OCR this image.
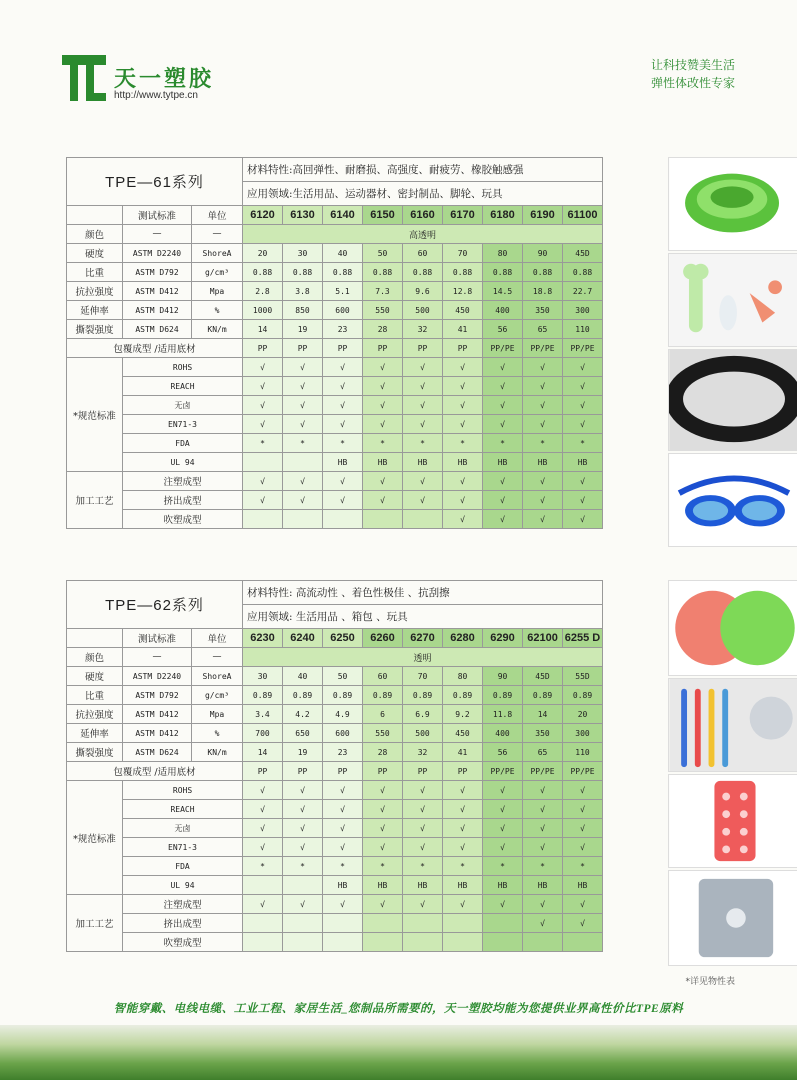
天一塑胶
http://www.tytpe.cn
让科技赞美生活
弹性体改性专家
TPE—61系列			材料特性:高回弹性、耐磨损、高强度、耐疲劳、橡胶触感强								
			应用领域:生活用品、运动器材、密封制品、脚轮、玩具								
	测试标准	单位	6120	6130	6140	6150	6160	6170	6180	6190	61100
颜色	—	—	高透明								
硬度	ASTM D2240	ShoreA	20	30	40	50	60	70	80	90	45D
比重	ASTM D792	g/cm³	0.88	0.88	0.88	0.88	0.88	0.88	0.88	0.88	0.88
抗拉强度	ASTM D412	Mpa	2.8	3.8	5.1	7.3	9.6	12.8	14.5	18.8	22.7
延伸率	ASTM D412	%	1000	850	600	550	500	450	400	350	300
撕裂强度	ASTM D624	KN/m	14	19	23	28	32	41	56	65	110
包覆成型 /适用底材			PP	PP	PP	PP	PP	PP	PP/PE	PP/PE	PP/PE
*规范标准	ROHS		√	√	√	√	√	√	√	√	√
	REACH		√	√	√	√	√	√	√	√	√
	无卤		√	√	√	√	√	√	√	√	√
	EN71-3		√	√	√	√	√	√	√	√	√
	FDA		*	*	*	*	*	*	*	*	*
	UL 94				HB	HB	HB	HB	HB	HB	HB
加工工艺	注塑成型		√	√	√	√	√	√	√	√	√
	挤出成型		√	√	√	√	√	√	√	√	√
	吹塑成型							√	√	√	√
TPE—62系列			材料特性: 高流动性 、着色性极佳 、抗刮擦								
			应用领域: 生活用品 、箱包 、玩具								
	测试标准	单位	6230	6240	6250	6260	6270	6280	6290	62100	6255 D
颜色	—	—	透明								
硬度	ASTM D2240	ShoreA	30	40	50	60	70	80	90	45D	55D
比重	ASTM D792	g/cm³	0.89	0.89	0.89	0.89	0.89	0.89	0.89	0.89	0.89
抗拉强度	ASTM D412	Mpa	3.4	4.2	4.9	6	6.9	9.2	11.8	14	20
延伸率	ASTM D412	%	700	650	600	550	500	450	400	350	300
撕裂强度	ASTM D624	KN/m	14	19	23	28	32	41	56	65	110
包覆成型 /适用底材			PP	PP	PP	PP	PP	PP	PP/PE	PP/PE	PP/PE
*规范标准	ROHS		√	√	√	√	√	√	√	√	√
	REACH		√	√	√	√	√	√	√	√	√
	无卤		√	√	√	√	√	√	√	√	√
	EN71-3		√	√	√	√	√	√	√	√	√
	FDA		*	*	*	*	*	*	*	*	*
	UL 94				HB	HB	HB	HB	HB	HB	HB
加工工艺	注塑成型		√	√	√	√	√	√	√	√	√
	挤出成型									√	√
	吹塑成型										
*详见物性表
智能穿戴、电线电缆、工业工程、家居生活_您制品所需要的，天一塑胶均能为您提供业界高性价比TPE原料
